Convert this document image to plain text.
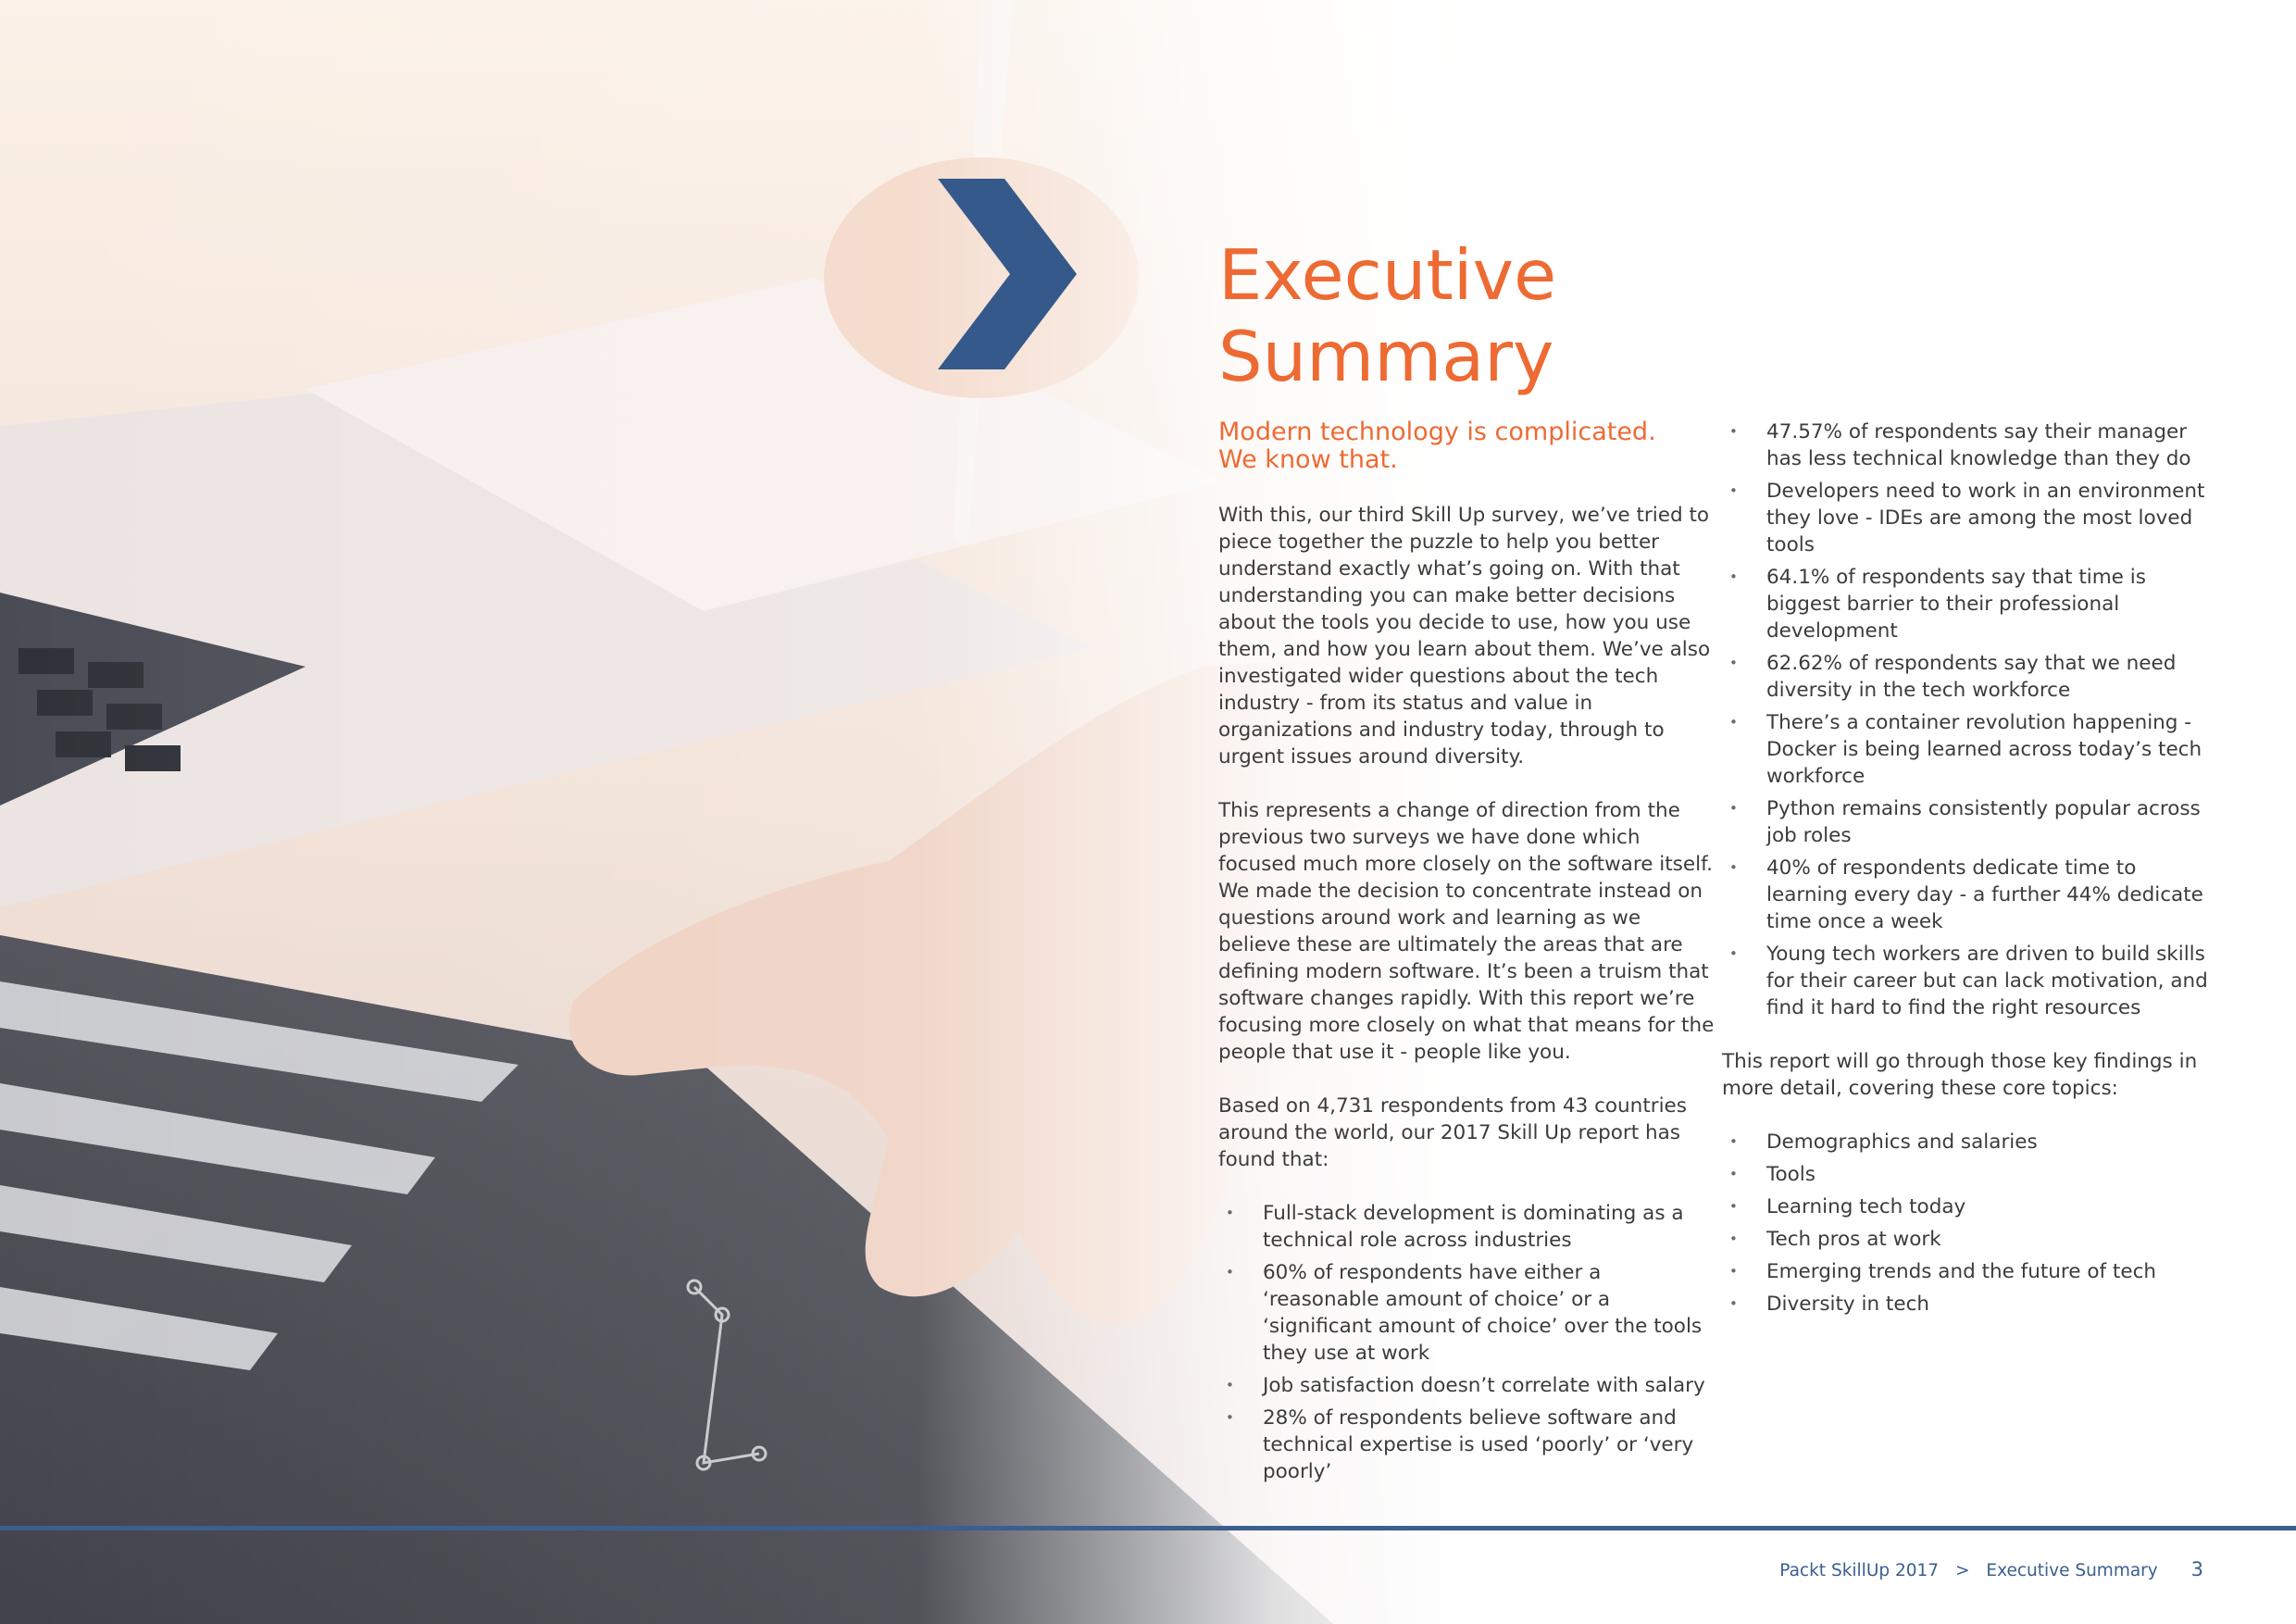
Executive
Summary
Modern technology is complicated.
We know that.

With this, our third Skill Up survey, we’ve tried to piece together the puzzle to help you better understand exactly what’s going on. With that understanding you can make better decisions about the tools you decide to use, how you use them, and how you learn about them. We’ve also investigated wider questions about the tech industry - from its status and value in organizations and industry today, through to urgent issues around diversity.

This represents a change of direction from the previous two surveys we have done which focused much more closely on the software itself. We made the decision to concentrate instead on questions around work and learning as we believe these are ultimately the areas that are defining modern software. It’s been a truism that software changes rapidly. With this report we’re focusing more closely on what that means for the people that use it - people like you.

Based on 4,731 respondents from 43 countries around the world, our 2017 Skill Up report has found that:

• Full-stack development is dominating as a technical role across industries
• 60% of respondents have either a ‘reasonable amount of choice’ or a ‘significant amount of choice’ over the tools they use at work
• Job satisfaction doesn’t correlate with salary
• 28% of respondents believe software and technical expertise is used ‘poorly’ or ‘very poorly’
• 47.57% of respondents say their manager has less technical knowledge than they do
• Developers need to work in an environment they love - IDEs are among the most loved tools
• 64.1% of respondents say that time is biggest barrier to their professional development
• 62.62% of respondents say that we need diversity in the tech workforce
• There’s a container revolution happening - Docker is being learned across today’s tech workforce
• Python remains consistently popular across job roles
• 40% of respondents dedicate time to learning every day - a further 44% dedicate time once a week
• Young tech workers are driven to build skills for their career but can lack motivation, and find it hard to find the right resources

This report will go through those key findings in more detail, covering these core topics:

• Demographics and salaries
• Tools
• Learning tech today
• Tech pros at work
• Emerging trends and the future of tech
• Diversity in tech
Packt SkillUp 2017 > Executive Summary 3
